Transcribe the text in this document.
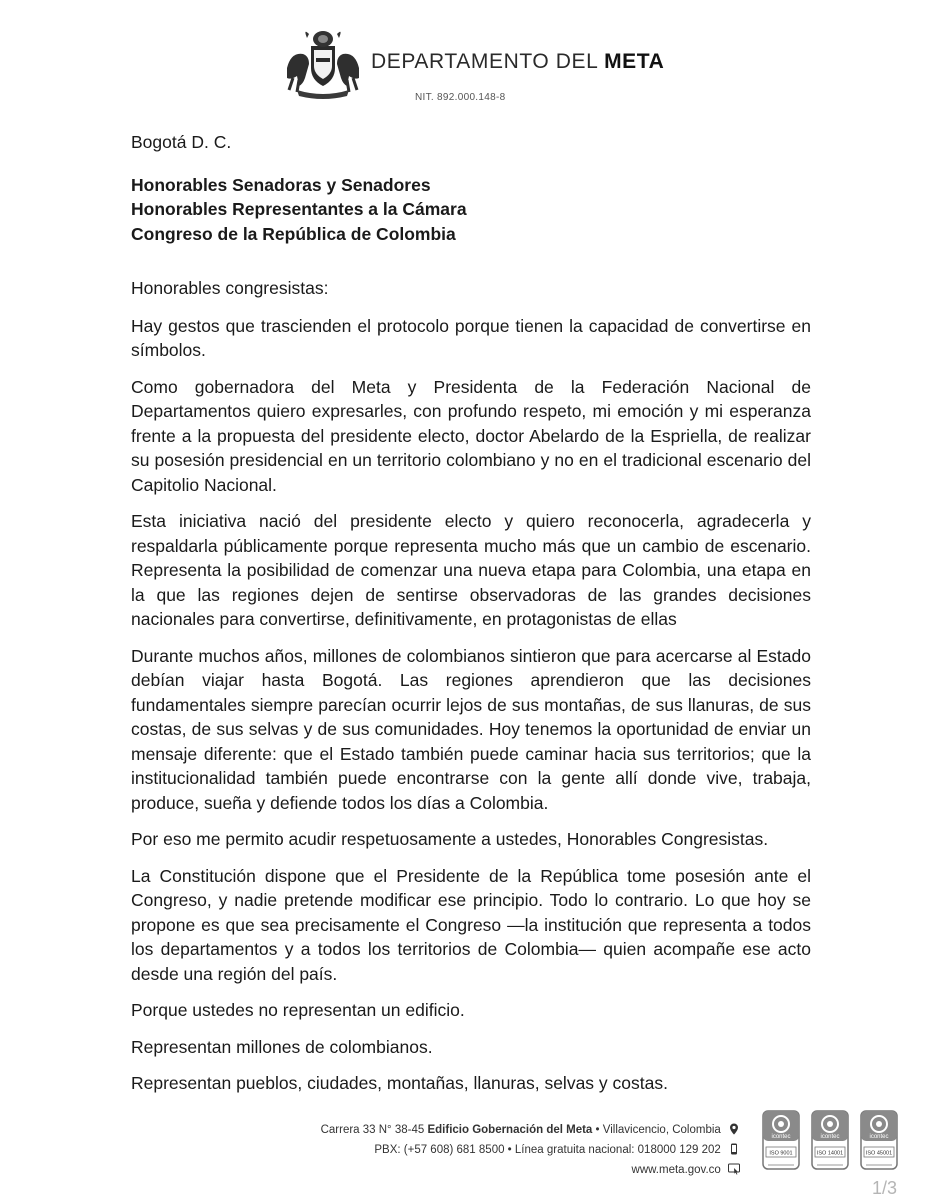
DEPARTAMENTO DEL META
NIT. 892.000.148-8

Bogotá D. C.

Honorables Senadoras y Senadores

Honorables Representantes a la Cámara

Congreso de la República de Colombia

Honorables congresistas:

Hay gestos que trascienden el protocolo porque tienen la capacidad de convertirse en símbolos.

Como gobernadora del Meta y Presidenta de la Federación Nacional de Departamentos quiero expresarles, con profundo respeto, mi emoción y mi esperanza frente a la propuesta del presidente electo, doctor Abelardo de la Espriella, de realizar su posesión presidencial en un territorio colombiano y no en el tradicional escenario del Capitolio Nacional.

Esta iniciativa nació del presidente electo y quiero reconocerla, agradecerla y respaldarla públicamente porque representa mucho más que un cambio de escenario. Representa la posibilidad de comenzar una nueva etapa para Colombia, una etapa en la que las regiones dejen de sentirse observadoras de las grandes decisiones nacionales para convertirse, definitivamente, en protagonistas de ellas

Durante muchos años, millones de colombianos sintieron que para acercarse al Estado debían viajar hasta Bogotá. Las regiones aprendieron que las decisiones fundamentales siempre parecían ocurrir lejos de sus montañas, de sus llanuras, de sus costas, de sus selvas y de sus comunidades. Hoy tenemos la oportunidad de enviar un mensaje diferente: que el Estado también puede caminar hacia sus territorios; que la institucionalidad también puede encontrarse con la gente allí donde vive, trabaja, produce, sueña y defiende todos los días a Colombia.

Por eso me permito acudir respetuosamente a ustedes, Honorables Congresistas.

La Constitución dispone que el Presidente de la República tome posesión ante el Congreso, y nadie pretende modificar ese principio. Todo lo contrario. Lo que hoy se propone es que sea precisamente el Congreso —la institución que representa a todos los departamentos y a todos los territorios de Colombia— quien acompañe ese acto desde una región del país.

Porque ustedes no representan un edificio.

Representan millones de colombianos.

Representan pueblos, ciudades, montañas, llanuras, selvas y costas.

Carrera 33 N° 38-45 Edificio Gobernación del Meta • Villavicencio, Colombia
PBX: (+57 608) 681 8500 • Línea gratuita nacional: 018000 129 202
www.meta.gov.co
icontec
ISO 9001
icontec
ISO 14001
icontec
ISO 45001
1/3
